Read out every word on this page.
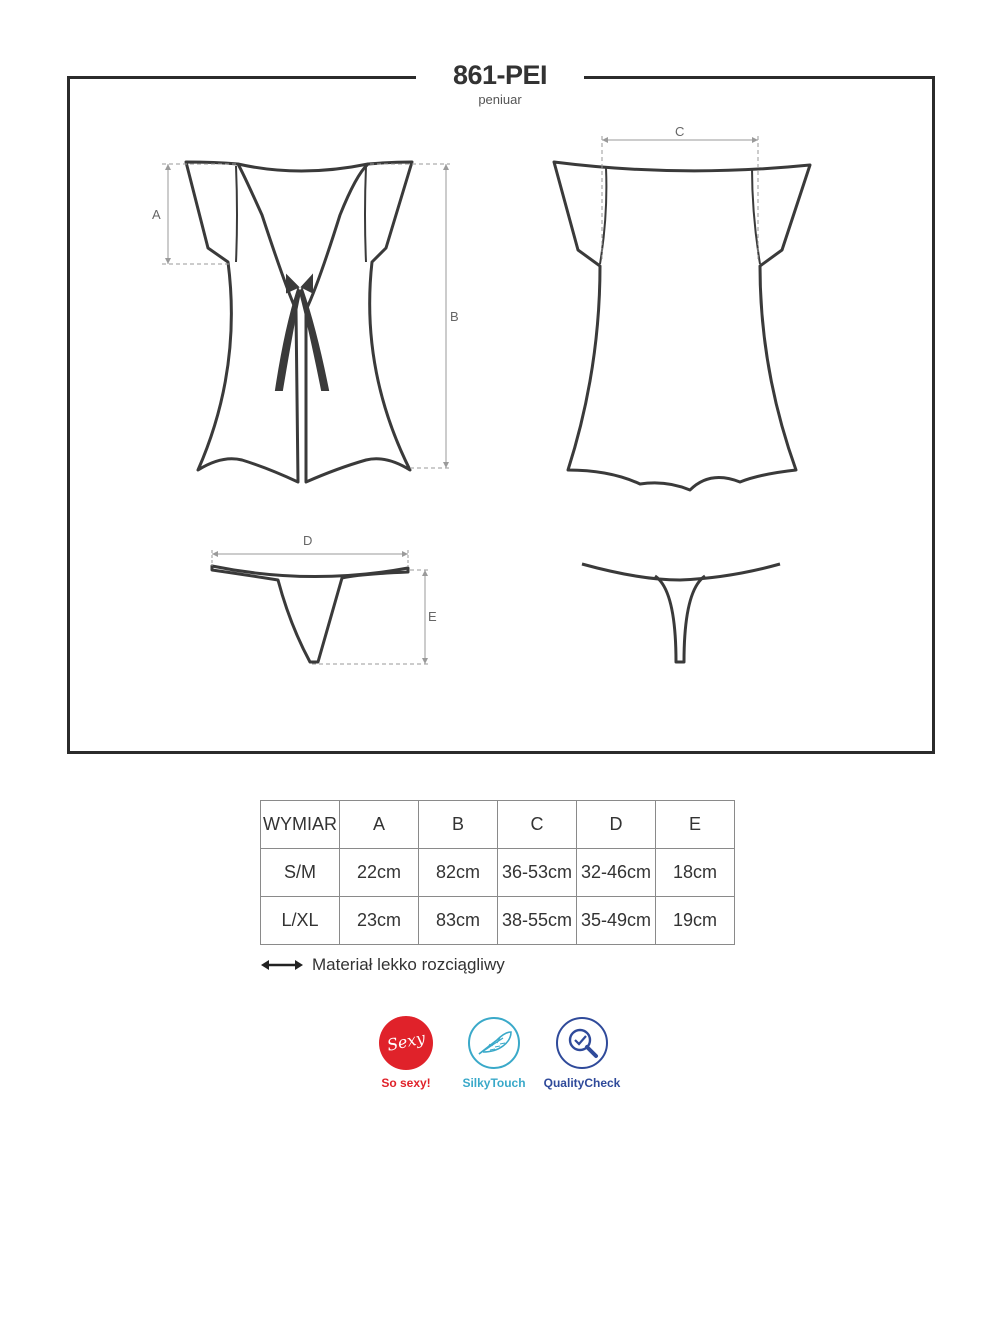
A
B
C
D
E
861-PEI
peniuar
WYMIAR	A	B	C	D	E
S/M	22cm	82cm	36-53cm	32-46cm	18cm
L/XL	23cm	83cm	38-55cm	35-49cm	19cm
Materiał lekko rozciągliwy
Sexy
So sexy!	SilkyTouch	QualityCheck
